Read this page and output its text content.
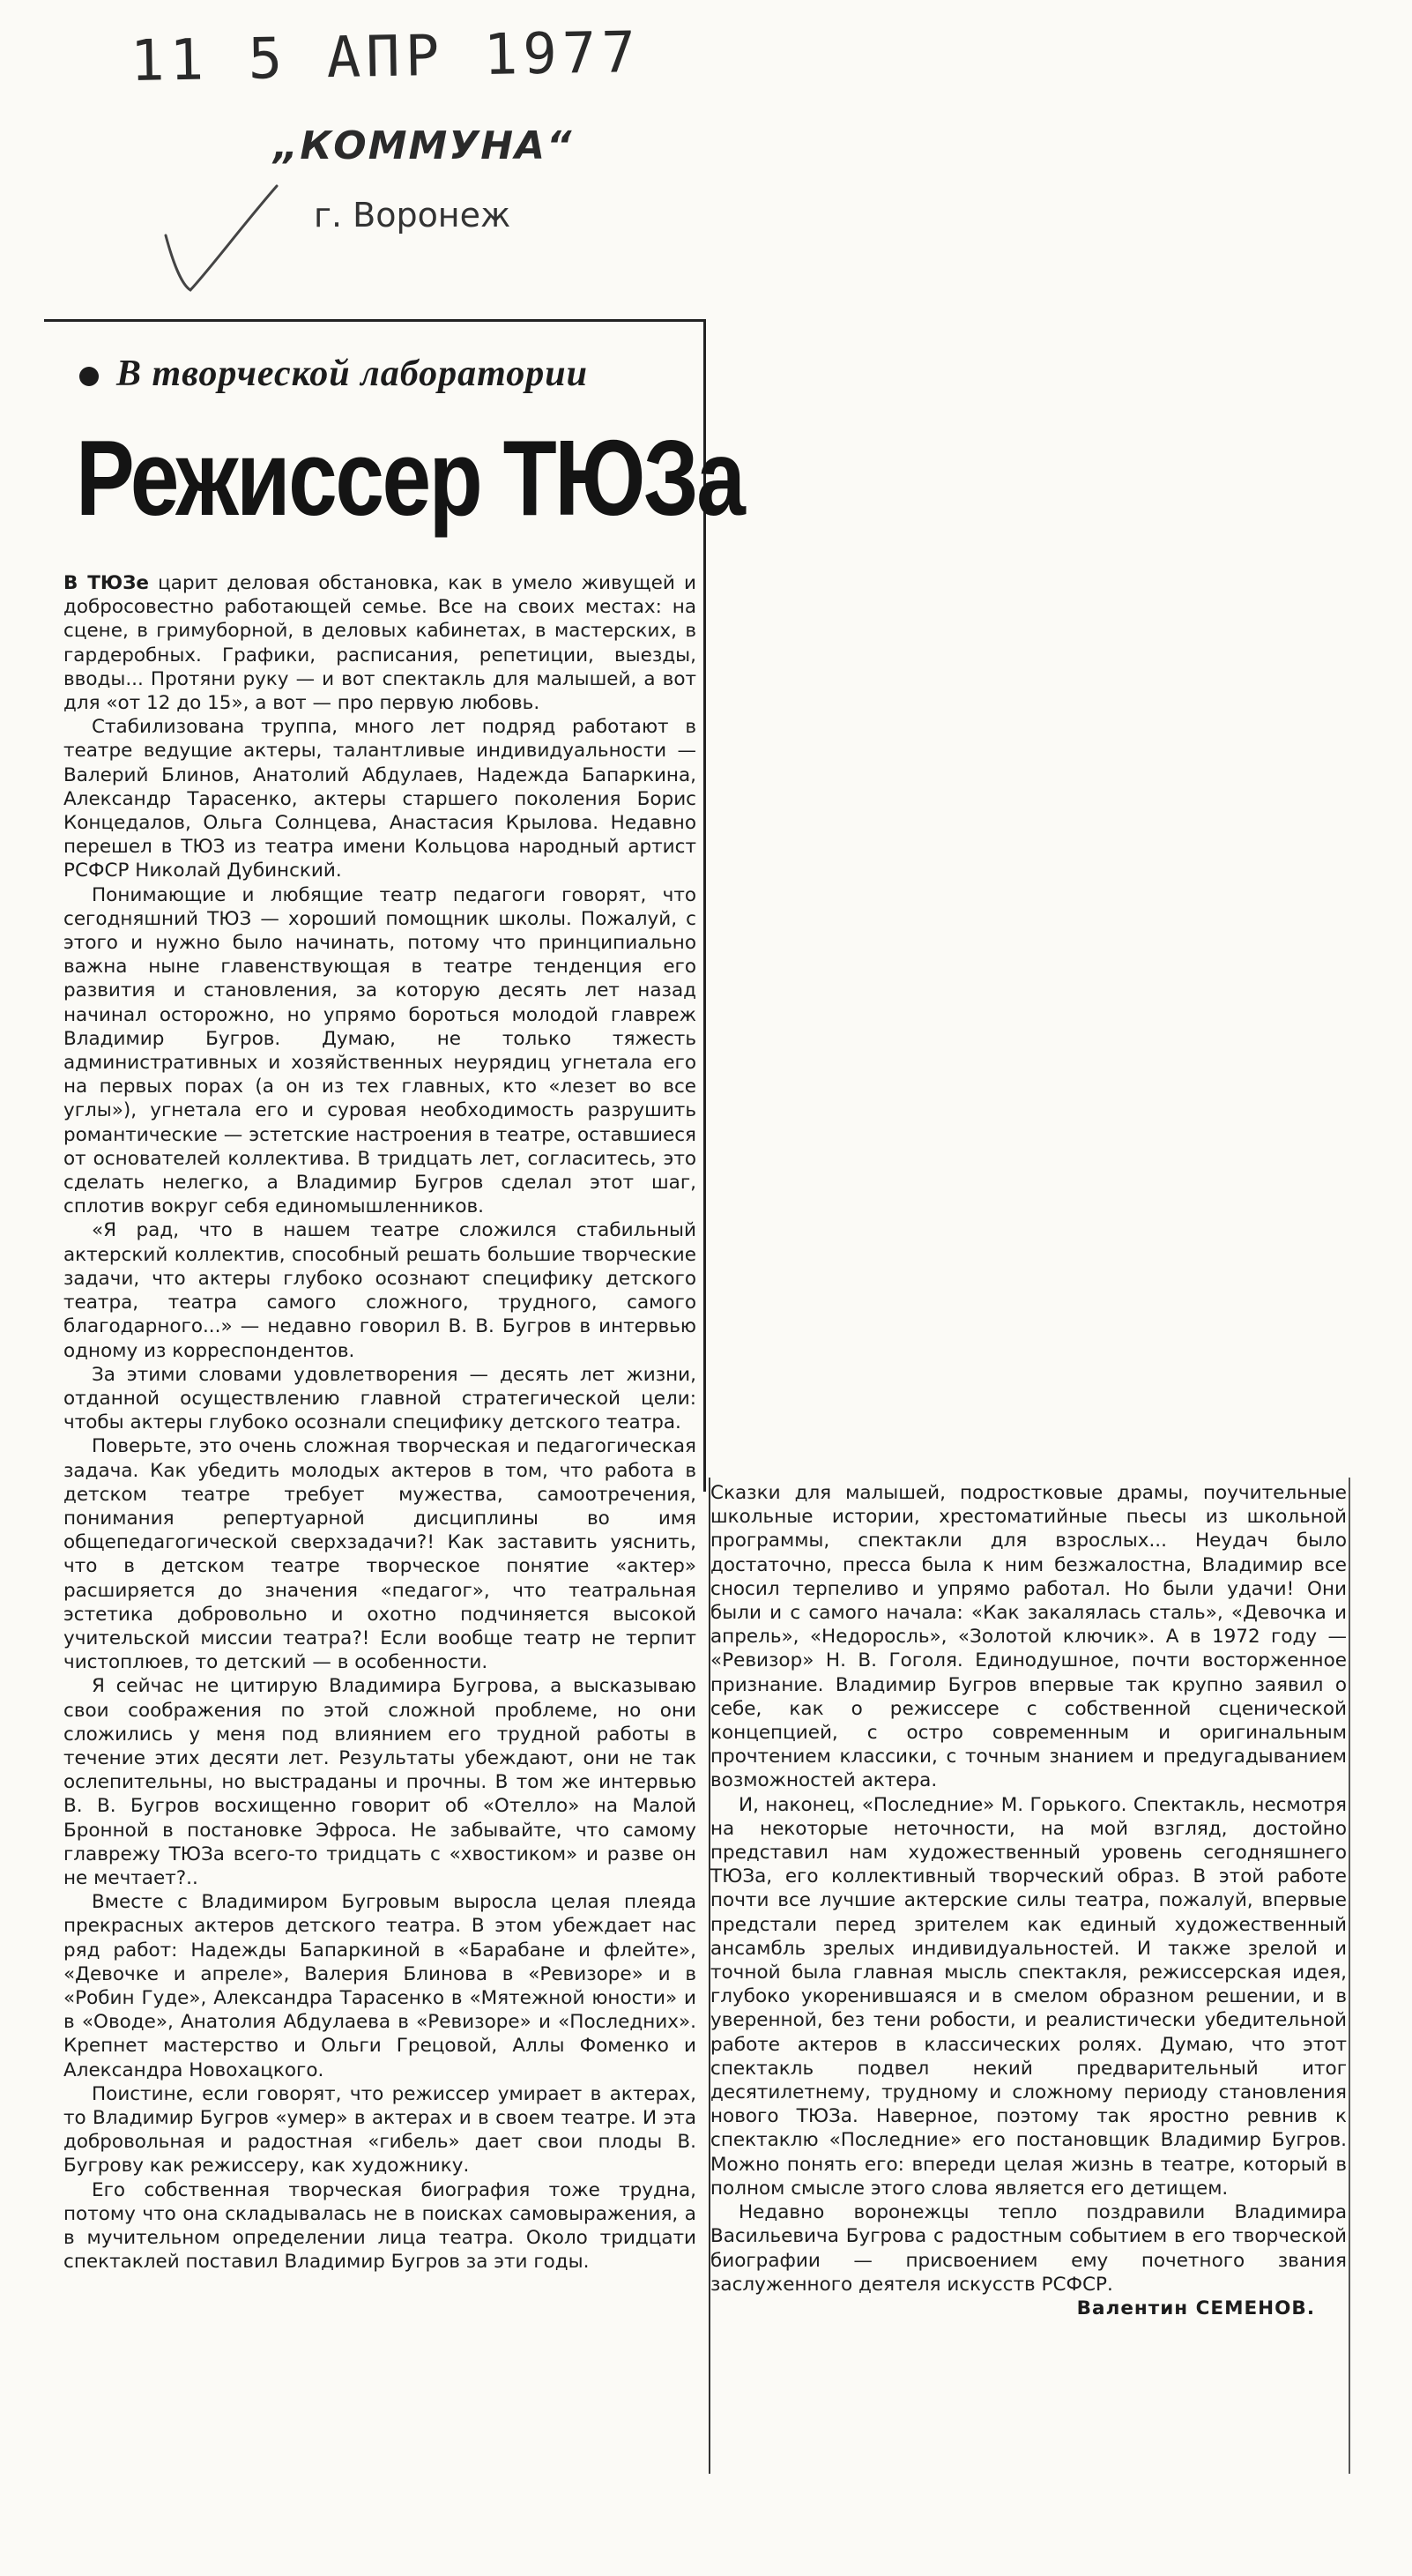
11 5 АПР 1977
„КОММУНА“
г. Воронеж
В творческой лаборатории
Режиссер ТЮЗа

В ТЮЗе царит деловая обстановка, как в умело живущей и добросовестно работающей семье. Все на своих местах: на сцене, в гримуборной, в деловых кабинетах, в мастерских, в гардеробных. Графики, расписания, репетиции, выезды, вводы... Протяни руку — и вот спектакль для малышей, а вот для «от 12 до 15», а вот — про первую любовь.

Стабилизована труппа, много лет подряд работают в театре ведущие актеры, талантливые индивидуальности — Валерий Блинов, Анатолий Абдулаев, Надежда Бапаркина, Александр Тарасенко, актеры старшего поколения Борис Концедалов, Ольга Солнцева, Анастасия Крылова. Недавно перешел в ТЮЗ из театра имени Кольцова народный артист РСФСР Николай Дубинский.

Понимающие и любящие театр педагоги говорят, что сегодняшний ТЮЗ — хороший помощник школы. Пожалуй, с этого и нужно было начинать, потому что принципиально важна ныне главенствующая в театре тенденция его развития и становления, за которую десять лет назад начинал осторожно, но упрямо бороться молодой главреж Владимир Бугров. Думаю, не только тяжесть административных и хозяйственных неурядиц угнетала его на первых порах (а он из тех главных, кто «лезет во все углы»), угнетала его и суровая необходимость разрушить романтические — эстетские настроения в театре, оставшиеся от основателей коллектива. В тридцать лет, согласитесь, это сделать нелегко, а Владимир Бугров сделал этот шаг, сплотив вокруг себя единомышленников.

«Я рад, что в нашем театре сложился стабильный актерский коллектив, способный решать большие творческие задачи, что актеры глубоко осознают специфику детского театра, театра самого сложного, трудного, самого благодарного...» — недавно говорил В. В. Бугров в интервью одному из корреспондентов.

За этими словами удовлетворения — десять лет жизни, отданной осуществлению главной стратегической цели: чтобы актеры глубоко осознали специфику детского театра.

Поверьте, это очень сложная творческая и педагогическая задача. Как убедить молодых актеров в том, что работа в детском театре требует мужества, самоотречения, понимания репертуарной дисциплины во имя общепедагогической сверхзадачи?! Как заставить уяснить, что в детском театре творческое понятие «актер» расширяется до значения «педагог», что театральная эстетика добровольно и охотно подчиняется высокой учительской миссии театра?! Если вообще театр не терпит чистоплюев, то детский — в особенности.

Я сейчас не цитирую Владимира Бугрова, а высказываю свои соображения по этой сложной проблеме, но они сложились у меня под влиянием его трудной работы в течение этих десяти лет. Результаты убеждают, они не так ослепительны, но выстраданы и прочны. В том же интервью В. В. Бугров восхищенно говорит об «Отелло» на Малой Бронной в постановке Эфроса. Не забывайте, что самому главрежу ТЮЗа всего-то тридцать с «хвостиком» и разве он не мечтает?..

Вместе с Владимиром Бугровым выросла целая плеяда прекрасных актеров детского театра. В этом убеждает нас ряд работ: Надежды Бапаркиной в «Барабане и флейте», «Девочке и апреле», Валерия Блинова в «Ревизоре» и в «Робин Гуде», Александра Тарасенко в «Мятежной юности» и в «Оводе», Анатолия Абдулаева в «Ревизоре» и «Последних». Крепнет мастерство и Ольги Грецовой, Аллы Фоменко и Александра Новохацкого.

Поистине, если говорят, что режиссер умирает в актерах, то Владимир Бугров «умер» в актерах и в своем театре. И эта добровольная и радостная «гибель» дает свои плоды В. Бугрову как режиссеру, как художнику.

Его собственная творческая биография тоже трудна, потому что она складывалась не в поисках самовыражения, а в мучительном определении лица театра. Около тридцати спектаклей поставил Владимир Бугров за эти годы.

Сказки для малышей, подростковые драмы, поучительные школьные истории, хрестоматийные пьесы из школьной программы, спектакли для взрослых... Неудач было достаточно, пресса была к ним безжалостна, Владимир все сносил терпеливо и упрямо работал. Но были удачи! Они были и с самого начала: «Как закалялась сталь», «Девочка и апрель», «Недоросль», «Золотой ключик». А в 1972 году — «Ревизор» Н. В. Гоголя. Единодушное, почти восторженное признание. Владимир Бугров впервые так крупно заявил о себе, как о режиссере с собственной сценической концепцией, с остро современным и оригинальным прочтением классики, с точным знанием и предугадыванием возможностей актера.

И, наконец, «Последние» М. Горького. Спектакль, несмотря на некоторые неточности, на мой взгляд, достойно представил нам художественный уровень сегодняшнего ТЮЗа, его коллективный творческий образ. В этой работе почти все лучшие актерские силы театра, пожалуй, впервые предстали перед зрителем как единый художественный ансамбль зрелых индивидуальностей. И также зрелой и точной была главная мысль спектакля, режиссерская идея, глубоко укоренившаяся и в смелом образном решении, и в уверенной, без тени робости, и реалистически убедительной работе актеров в классических ролях. Думаю, что этот спектакль подвел некий предварительный итог десятилетнему, трудному и сложному периоду становления нового ТЮЗа. Наверное, поэтому так яростно ревнив к спектаклю «Последние» его постановщик Владимир Бугров. Можно понять его: впереди целая жизнь в театре, который в полном смысле этого слова является его детищем.

Недавно воронежцы тепло поздравили Владимира Васильевича Бугрова с радостным событием в его творческой биографии — присвоением ему почетного звания заслуженного деятеля искусств РСФСР.

Валентин СЕМЕНОВ.
